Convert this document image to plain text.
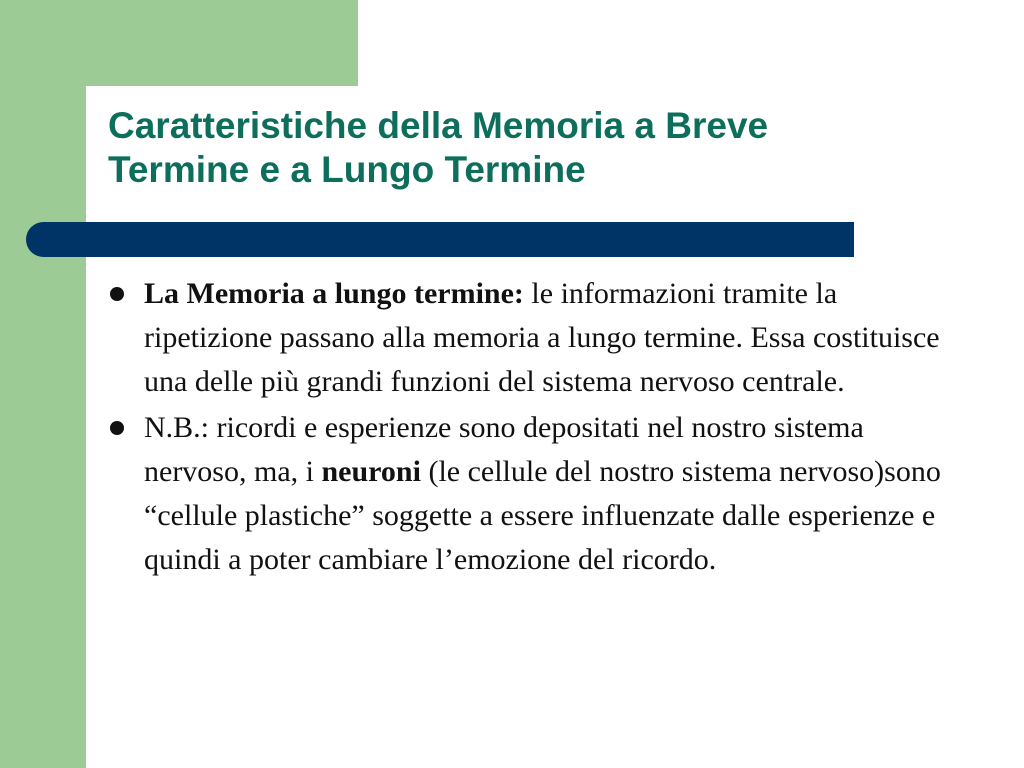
Caratteristiche della Memoria a Breve
Termine e a Lungo Termine
La Memoria a lungo termine: le informazioni tramite la ripetizione passano alla memoria a lungo termine. Essa costituisce una delle più grandi funzioni del sistema nervoso centrale.
N.B.: ricordi e esperienze sono depositati nel nostro sistema nervoso, ma, i neuroni (le cellule del nostro sistema nervoso)sono “cellule plastiche” soggette a essere influenzate dalle esperienze e quindi a poter cambiare l’emozione del ricordo.
